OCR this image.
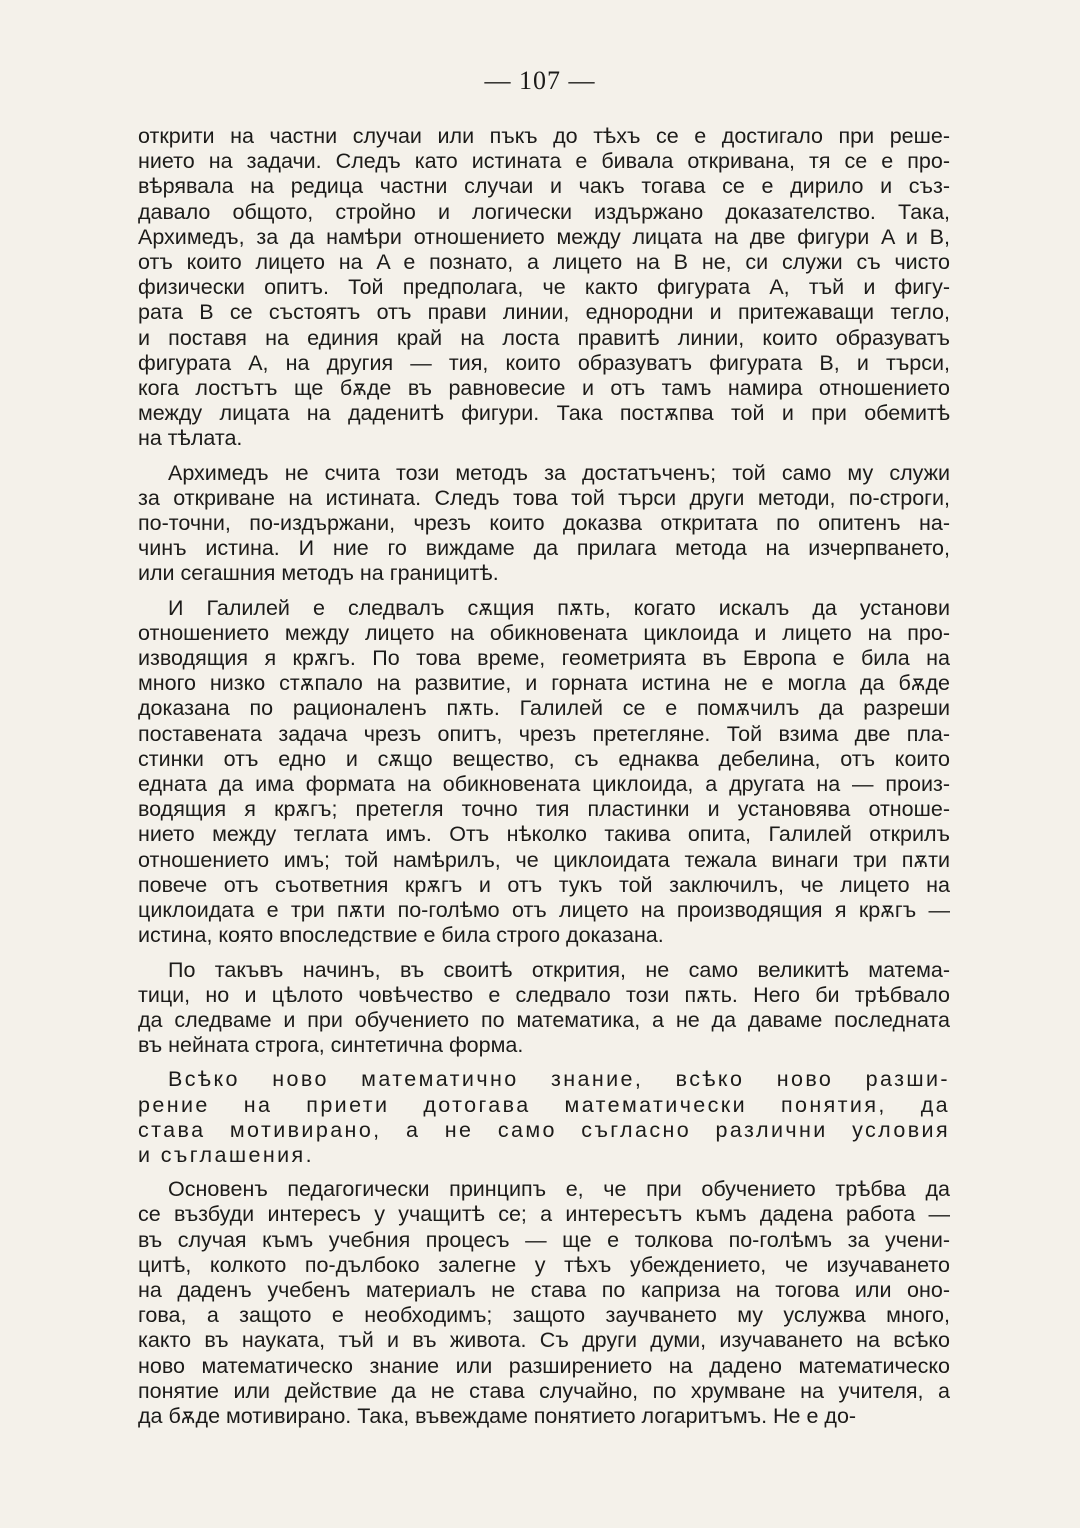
— 107 —
открити на частни случаи или пъкъ до тѣхъ се е достигало при реше-
нието на задачи. Следъ като истината е бивала откривана, тя се е про-
вѣрявала на редица частни случаи и чакъ тогава се е дирило и съз-
давало общото, стройно и логически издържано доказателство. Така,
Архимедъ, за да намѣри отношението между лицата на две фигури A и B,
отъ които лицето на A е познато, а лицето на B не, си служи съ чисто
физически опитъ. Той предполага, че както фигурата A, тъй и фигу-
рата B се състоятъ отъ прави линии, еднородни и притежаващи тегло,
и поставя на единия край на лоста правитѣ линии, които образуватъ
фигурата A, на другия — тия, които образуватъ фигурата B, и търси,
кога лостътъ ще бѫде въ равновесие и отъ тамъ намира отношението
между лицата на даденитѣ фигури. Така постѫпва той и при обемитѣ
на тѣлата.
Архимедъ не счита този методъ за достатъченъ; той само му служи
за откриване на истината. Следъ това той търси други методи, по-строги,
по-точни, по-издържани, чрезъ които доказва откритата по опитенъ на-
чинъ истина. И ние го виждаме да прилага метода на изчерпването,
или сегашния методъ на границитѣ.
И Галилей е следвалъ сѫщия пѫть, когато искалъ да установи
отношението между лицето на обикновената циклоида и лицето на про-
изводящия я крѫгъ. По това време, геометрията въ Европа е била на
много низко стѫпало на развитие, и горната истина не е могла да бѫде
доказана по рационаленъ пѫть. Галилей се е помѫчилъ да разреши
поставената задача чрезъ опитъ, чрезъ претегляне. Той взима две пла-
стинки отъ едно и сѫщо вещество, съ еднаква дебелина, отъ които
едната да има формата на обикновената циклоида, а другата на — произ-
водящия я крѫгъ; претегля точно тия пластинки и установява отноше-
нието между теглата имъ. Отъ нѣколко такива опита, Галилей открилъ
отношението имъ; той намѣрилъ, че циклоидата тежала винаги три пѫти
повече отъ съответния крѫгъ и отъ тукъ той заключилъ, че лицето на
циклоидата е три пѫти по-голѣмо отъ лицето на производящия я крѫгъ —
истина, която впоследствие е била строго доказана.
По такъвъ начинъ, въ своитѣ открития, не само великитѣ матема-
тици, но и цѣлото човѣчество е следвало този пѫть. Него би трѣбвало
да следваме и при обучението по математика, а не да даваме последната
въ нейната строга, синтетична форма.
Всѣко ново математично знание, всѣко ново разши-
рение на приети дотогава математически понятия, да
става мотивирано, а не само съгласно различни условия
и съглашения.
Основенъ педагогически принципъ е, че при обучението трѣбва да
се възбуди интересъ у учащитѣ се; а интересътъ къмъ дадена работа —
въ случая къмъ учебния процесъ — ще е толкова по-голѣмъ за учени-
цитѣ, колкото по-дълбоко залегне у тѣхъ убеждението, че изучаването
на даденъ учебенъ материалъ не става по каприза на тогова или оно-
гова, а защото е необходимъ; защото заучването му услужва много,
както въ науката, тъй и въ живота. Съ други думи, изучаването на всѣко
ново математическо знание или разширението на дадено математическо
понятие или действие да не става случайно, по хрумване на учителя, а
да бѫде мотивирано. Така, въвеждаме понятието логаритъмъ. Не е до-
